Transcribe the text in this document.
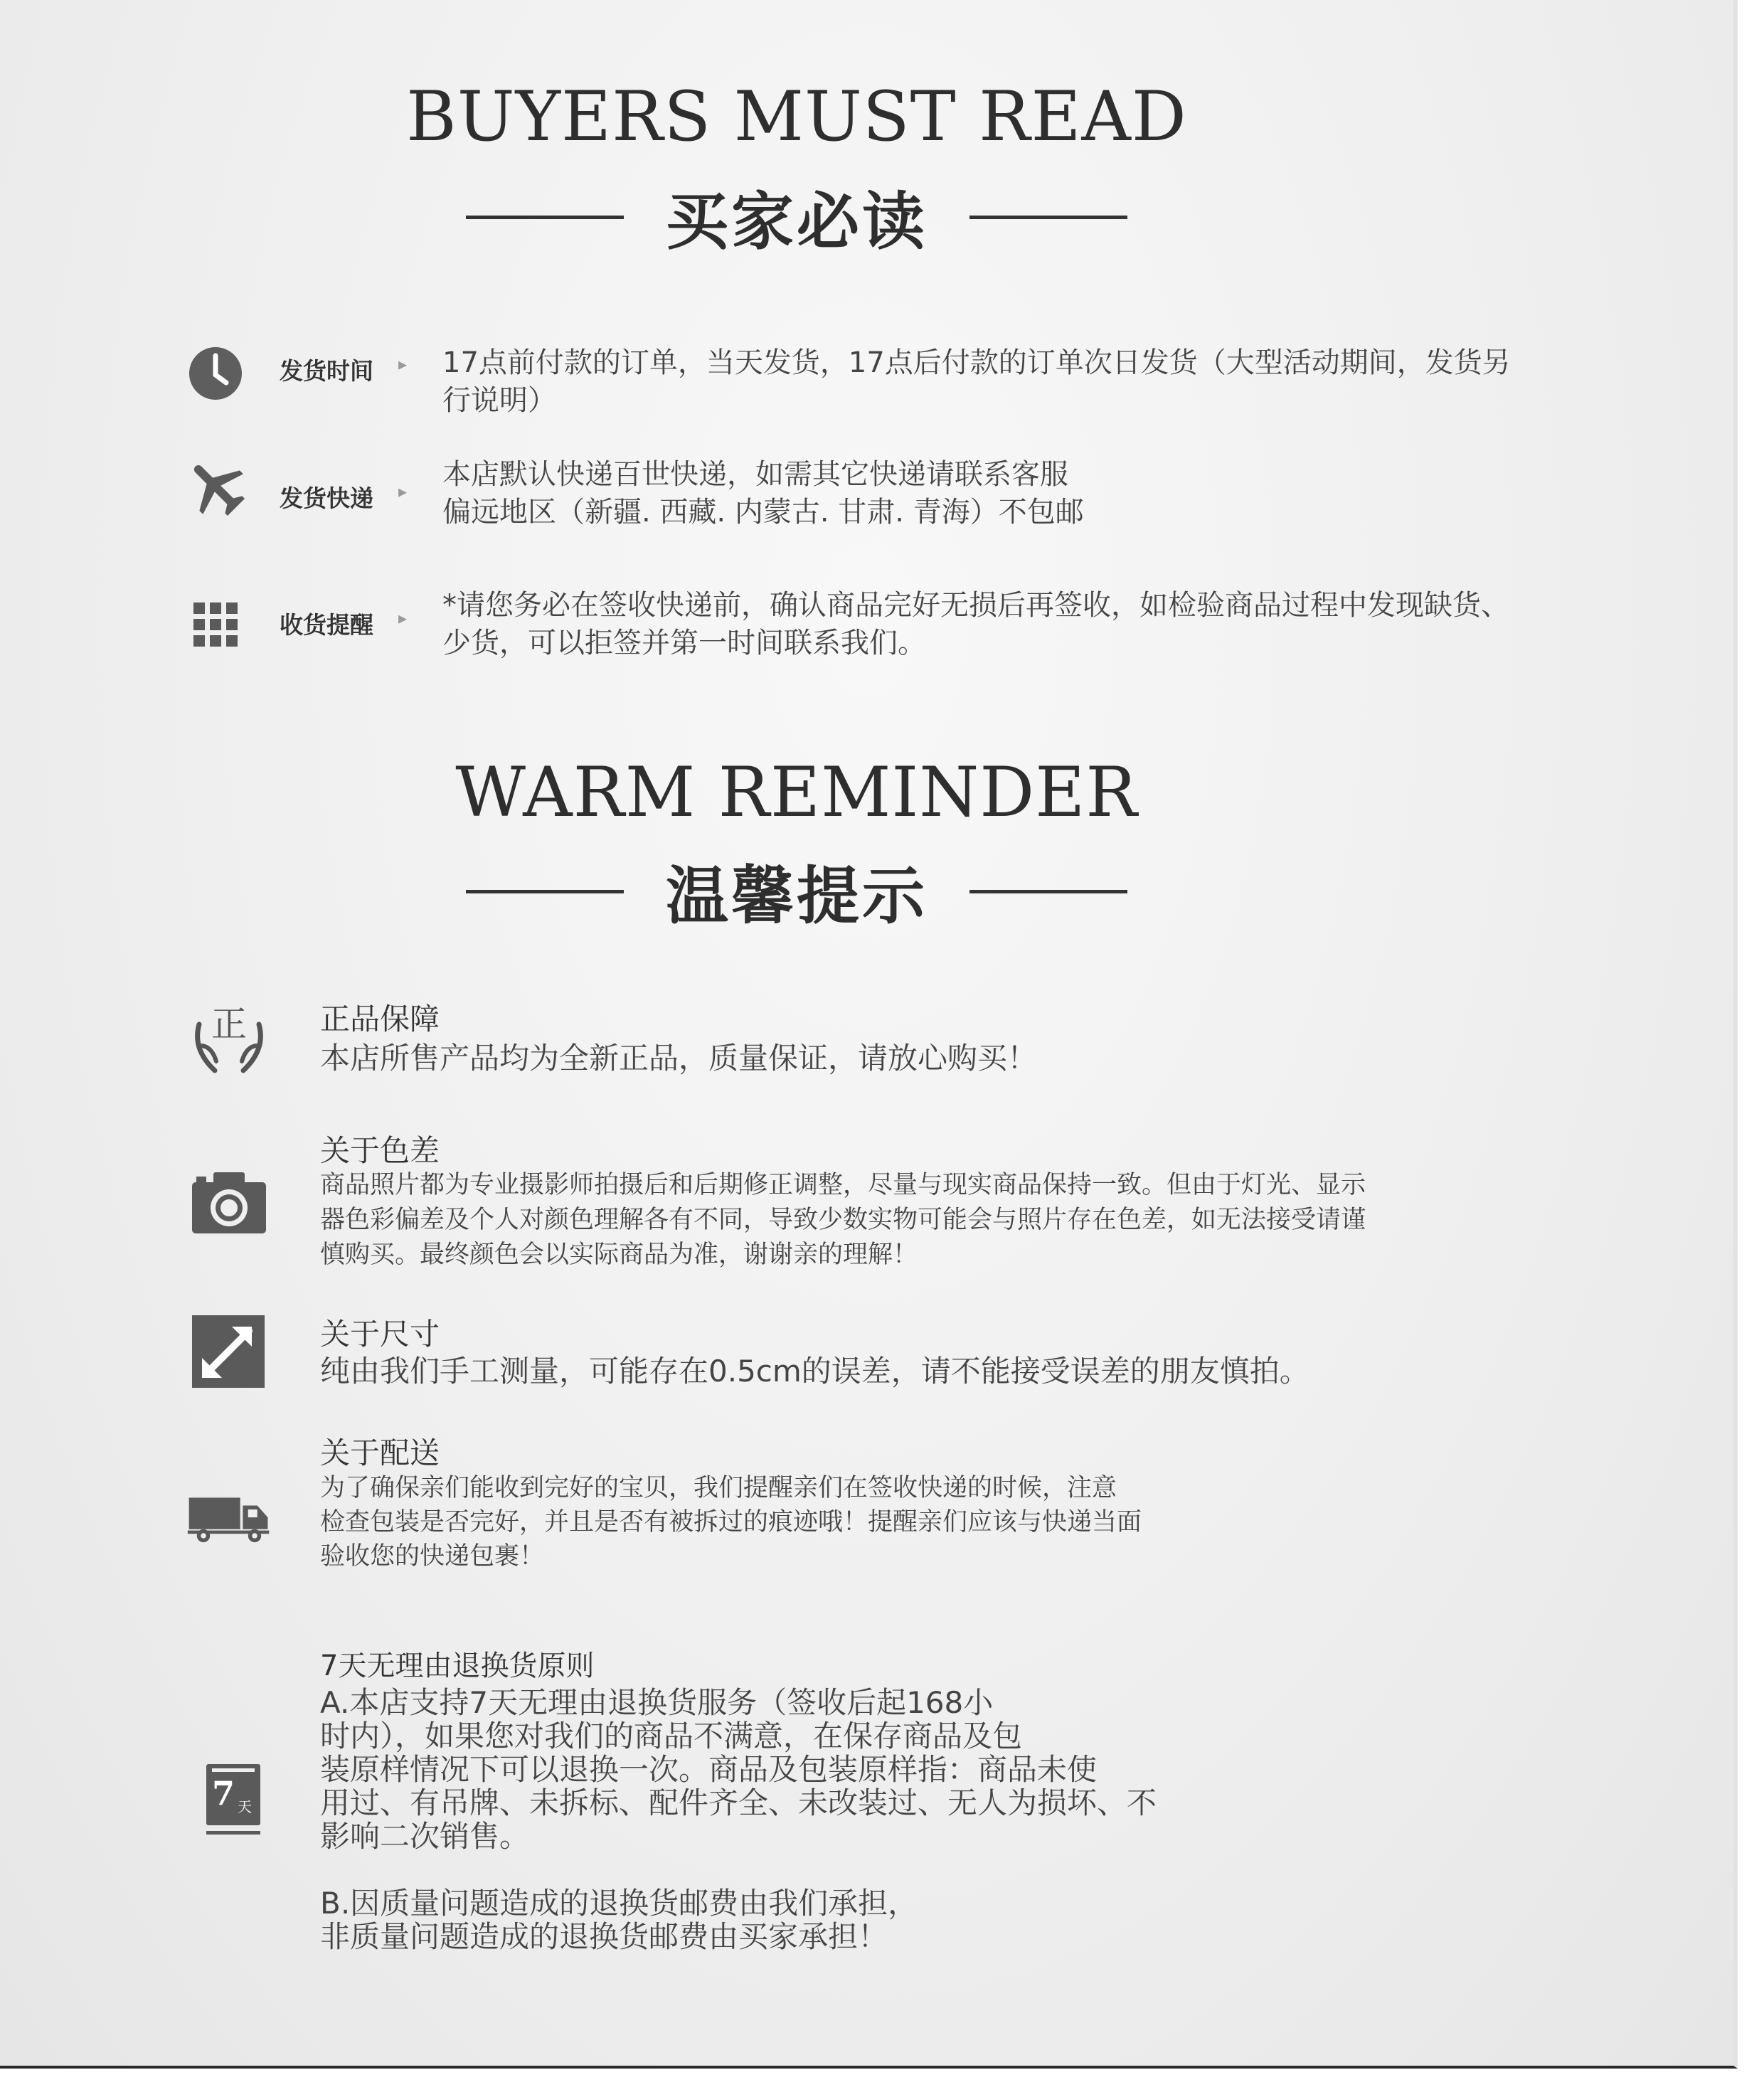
BUYERS MUST READ
买家必读
发货时间 ▸ 17点前付款的订单，当天发货，17点后付款的订单次日发货（大型活动期间，发货另
行说明）
发货快递 ▸
本店默认快递百世快递，如需其它快递请联系客服
偏远地区（新疆. 西藏. 内蒙古. 甘肃. 青海）不包邮
收货提醒 ▸ *请您务必在签收快递前，确认商品完好无损后再签收，如检验商品过程中发现缺货、
少货，可以拒签并第一时间联系我们。
WARM REMINDER
温馨提示
正 正品保障
本店所售产品均为全新正品，质量保证，请放心购买！
关于色差
商品照片都为专业摄影师拍摄后和后期修正调整，尽量与现实商品保持一致。但由于灯光、显示
器色彩偏差及个人对颜色理解各有不同，导致少数实物可能会与照片存在色差，如无法接受请谨
慎购买。最终颜色会以实际商品为准，谢谢亲的理解！
关于尺寸
纯由我们手工测量，可能存在0.5cm的误差，请不能接受误差的朋友慎拍。
关于配送
为了确保亲们能收到完好的宝贝，我们提醒亲们在签收快递的时候，注意
检查包装是否完好，并且是否有被拆过的痕迹哦！提醒亲们应该与快递当面
验收您的快递包裹！
7 天
7天无理由退换货原则
A.本店支持7天无理由退换货服务（签收后起168小
时内），如果您对我们的商品不满意，在保存商品及包
装原样情况下可以退换一次。商品及包装原样指：商品未使
用过、有吊牌、未拆标、配件齐全、未改装过、无人为损坏、不
影响二次销售。
B.因质量问题造成的退换货邮费由我们承担，
非质量问题造成的退换货邮费由买家承担！
